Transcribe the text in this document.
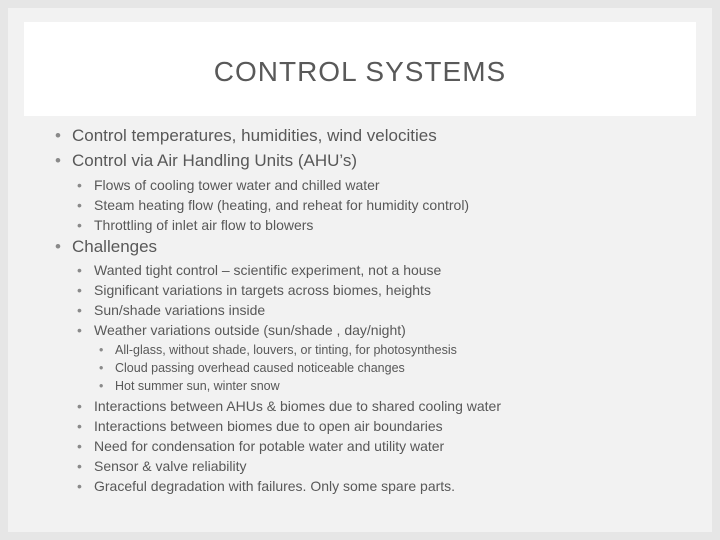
CONTROL SYSTEMS
• Control temperatures, humidities, wind velocities
• Control via Air Handling Units (AHU’s)
• Flows of cooling tower water and chilled water
• Steam heating flow (heating, and reheat for humidity control)
• Throttling of inlet air flow to blowers
• Challenges
• Wanted tight control – scientific experiment, not a house
• Significant variations in targets across biomes, heights
• Sun/shade variations inside
• Weather variations outside (sun/shade , day/night)
• All-glass, without shade, louvers, or tinting, for photosynthesis
• Cloud passing overhead caused noticeable changes
• Hot summer sun, winter snow
• Interactions between AHUs & biomes due to shared cooling water
• Interactions between biomes due to open air boundaries
• Need for condensation for potable water and utility water
• Sensor & valve reliability
• Graceful degradation with failures. Only some spare parts.
